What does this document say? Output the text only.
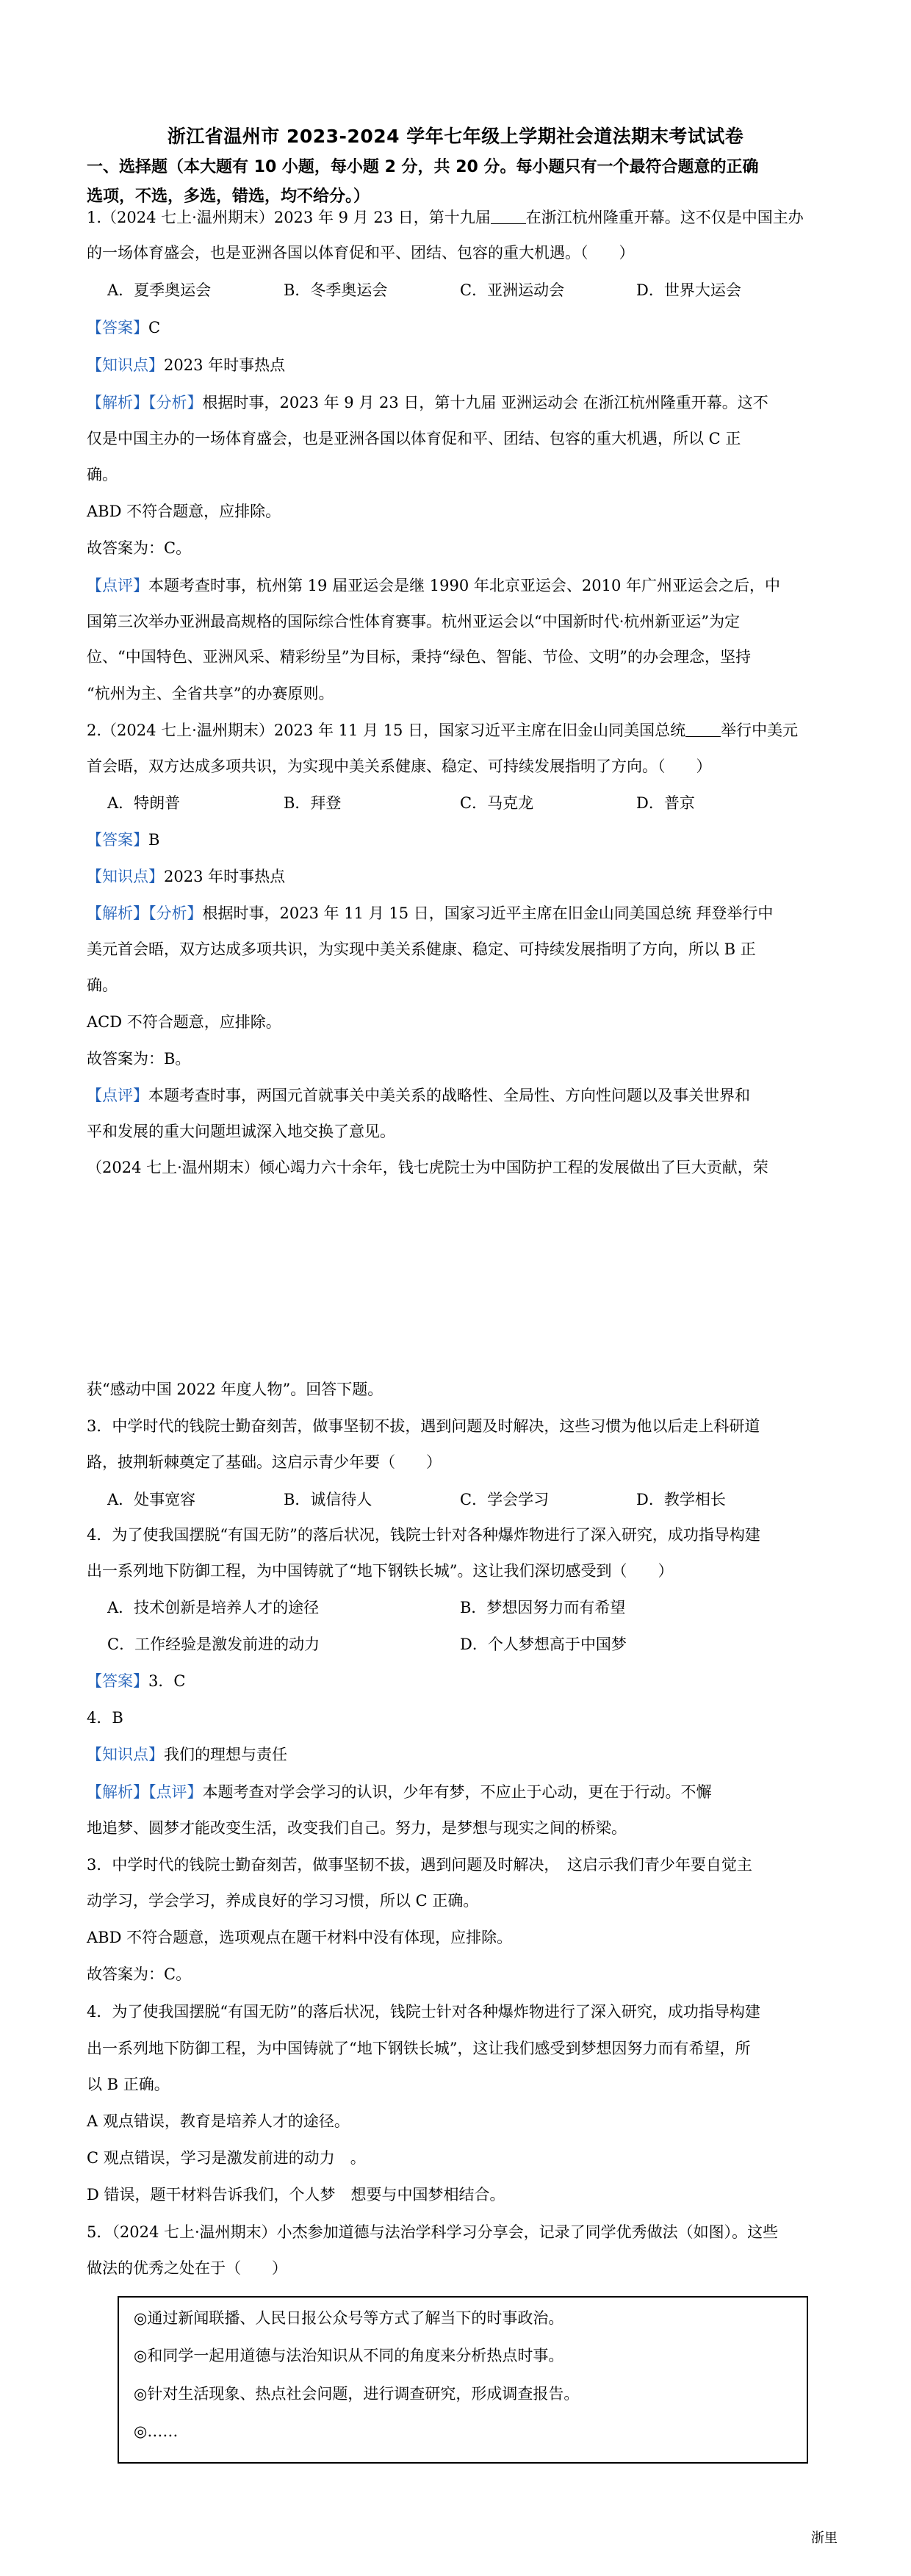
浙江省温州市 2023-2024 学年七年级上学期社会道法期末考试试卷
一、选择题（本大题有 10 小题，每小题 2 分，共 20 分。每小题只有一个最符合题意的正确
选项，不选，多选，错选，均不给分。）
1.（2024 七上·温州期末）2023 年 9 月 23 日，第十九届 在浙江杭州隆重开幕。这不仅是中国主办
的一场体育盛会，也是亚洲各国以体育促和平、团结、包容的重大机遇。（　　）
A．夏季奥运会	B．冬季奥运会	C．亚洲运动会	D．世界大运会
【答案】C
【知识点】2023 年时事热点
【解析】【分析】根据时事，2023 年 9 月 23 日，第十九届 亚洲运动会 在浙江杭州隆重开幕。这不
仅是中国主办的一场体育盛会，也是亚洲各国以体育促和平、团结、包容的重大机遇，所以 C 正
确。
ABD 不符合题意，应排除。
故答案为：C。
【点评】本题考查时事，杭州第 19 届亚运会是继 1990 年北京亚运会、2010 年广州亚运会之后，中
国第三次举办亚洲最高规格的国际综合性体育赛事。杭州亚运会以“中国新时代·杭州新亚运”为定
位、“中国特色、亚洲风采、精彩纷呈”为目标，秉持“绿色、智能、节俭、文明”的办会理念，坚持
“杭州为主、全省共享”的办赛原则。
2.（2024 七上·温州期末）2023 年 11 月 15 日，国家习近平主席在旧金山同美国总统 举行中美元
首会晤，双方达成多项共识，为实现中美关系健康、稳定、可持续发展指明了方向。（　　）
A．特朗普	B．拜登	C．马克龙	D．普京
【答案】B
【知识点】2023 年时事热点
【解析】【分析】根据时事，2023 年 11 月 15 日，国家习近平主席在旧金山同美国总统 拜登举行中
美元首会晤，双方达成多项共识，为实现中美关系健康、稳定、可持续发展指明了方向，所以 B 正
确。
ACD 不符合题意，应排除。
故答案为：B。
【点评】本题考查时事，两国元首就事关中美关系的战略性、全局性、方向性问题以及事关世界和
平和发展的重大问题坦诚深入地交换了意见。
（2024 七上·温州期末）倾心竭力六十余年，钱七虎院士为中国防护工程的发展做出了巨大贡献，荣
获“感动中国 2022 年度人物”。回答下题。
3．中学时代的钱院士勤奋刻苦，做事坚韧不拔，遇到问题及时解决，这些习惯为他以后走上科研道
路，披荆斩棘奠定了基础。这启示青少年要（　　）
A．处事宽容	B．诚信待人	C．学会学习	D．教学相长
4．为了使我国摆脱“有国无防”的落后状况，钱院士针对各种爆炸物进行了深入研究，成功指导构建
出一系列地下防御工程，为中国铸就了“地下钢铁长城”。这让我们深切感受到（　　）
A．技术创新是培养人才的途径	B．梦想因努力而有希望
C．工作经验是激发前进的动力	D．个人梦想高于中国梦
【答案】3．C
4．B
【知识点】我们的理想与责任
【解析】【点评】本题考查对学会学习的认识，少年有梦，不应止于心动，更在于行动。不懈
地追梦、圆梦才能改变生活，改变我们自己。努力，是梦想与现实之间的桥梁。
3．中学时代的钱院士勤奋刻苦，做事坚韧不拔，遇到问题及时解决，　这启示我们青少年要自觉主
动学习，学会学习，养成良好的学习习惯，所以 C 正确。
ABD 不符合题意，选项观点在题干材料中没有体现，应排除。
故答案为：C。
4．为了使我国摆脱“有国无防”的落后状况，钱院士针对各种爆炸物进行了深入研究，成功指导构建
出一系列地下防御工程，为中国铸就了“地下钢铁长城”，这让我们感受到梦想因努力而有希望，所
以 B 正确。
A 观点错误，教育是培养人才的途径。
C 观点错误，学习是激发前进的动力　。
D 错误，题干材料告诉我们，个人梦　想要与中国梦相结合。
5．（2024 七上·温州期末）小杰参加道德与法治学科学习分享会，记录了同学优秀做法（如图）。这些
做法的优秀之处在于（　　）
◎通过新闻联播、人民日报公众号等方式了解当下的时事政治。
◎和同学一起用道德与法治知识从不同的角度来分析热点时事。
◎针对生活现象、热点社会问题，进行调查研究，形成调查报告。
◎……
浙里
